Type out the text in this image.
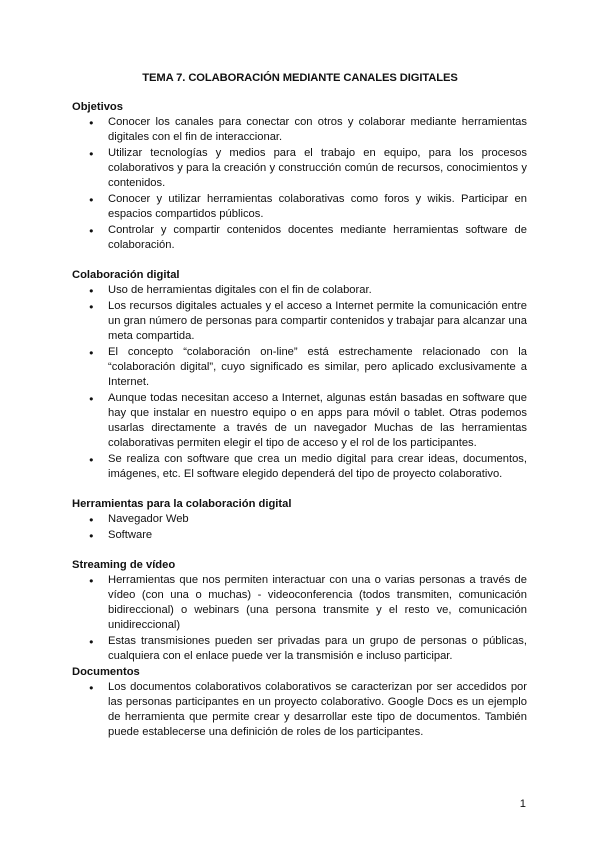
TEMA 7. COLABORACIÓN MEDIANTE CANALES DIGITALES
Objetivos
● Conocer los canales para conectar con otros y colaborar mediante herramientas digitales con el fin de interaccionar.
● Utilizar tecnologías y medios para el trabajo en equipo, para los procesos colaborativos y para la creación y construcción común de recursos, conocimientos y contenidos.
● Conocer y utilizar herramientas colaborativas como foros y wikis. Participar en espacios compartidos públicos.
● Controlar y compartir contenidos docentes mediante herramientas software de colaboración.
Colaboración digital
● Uso de herramientas digitales con el fin de colaborar.
● Los recursos digitales actuales y el acceso a Internet permite la comunicación entre un gran número de personas para compartir contenidos y trabajar para alcanzar una meta compartida.
● El concepto “colaboración on-line” está estrechamente relacionado con la “colaboración digital”, cuyo significado es similar, pero aplicado exclusivamente a Internet.
● Aunque todas necesitan acceso a Internet, algunas están basadas en software que hay que instalar en nuestro equipo o en apps para móvil o tablet. Otras podemos usarlas directamente a través de un navegador Muchas de las herramientas colaborativas permiten elegir el tipo de acceso y el rol de los participantes.
● Se realiza con software que crea un medio digital para crear ideas, documentos, imágenes, etc. El software elegido dependerá del tipo de proyecto colaborativo.
Herramientas para la colaboración digital
● Navegador Web
● Software
Streaming de vídeo
● Herramientas que nos permiten interactuar con una o varias personas a través de vídeo (con una o muchas) - videoconferencia (todos transmiten, comunicación bidireccional) o webinars (una persona transmite y el resto ve, comunicación unidireccional)
● Estas transmisiones pueden ser privadas para un grupo de personas o públicas, cualquiera con el enlace puede ver la transmisión e incluso participar.
Documentos
● Los documentos colaborativos colaborativos se caracterizan por ser accedidos por las personas participantes en un proyecto colaborativo. Google Docs es un ejemplo de herramienta que permite crear y desarrollar este tipo de documentos. También puede establecerse una definición de roles de los participantes.
1
